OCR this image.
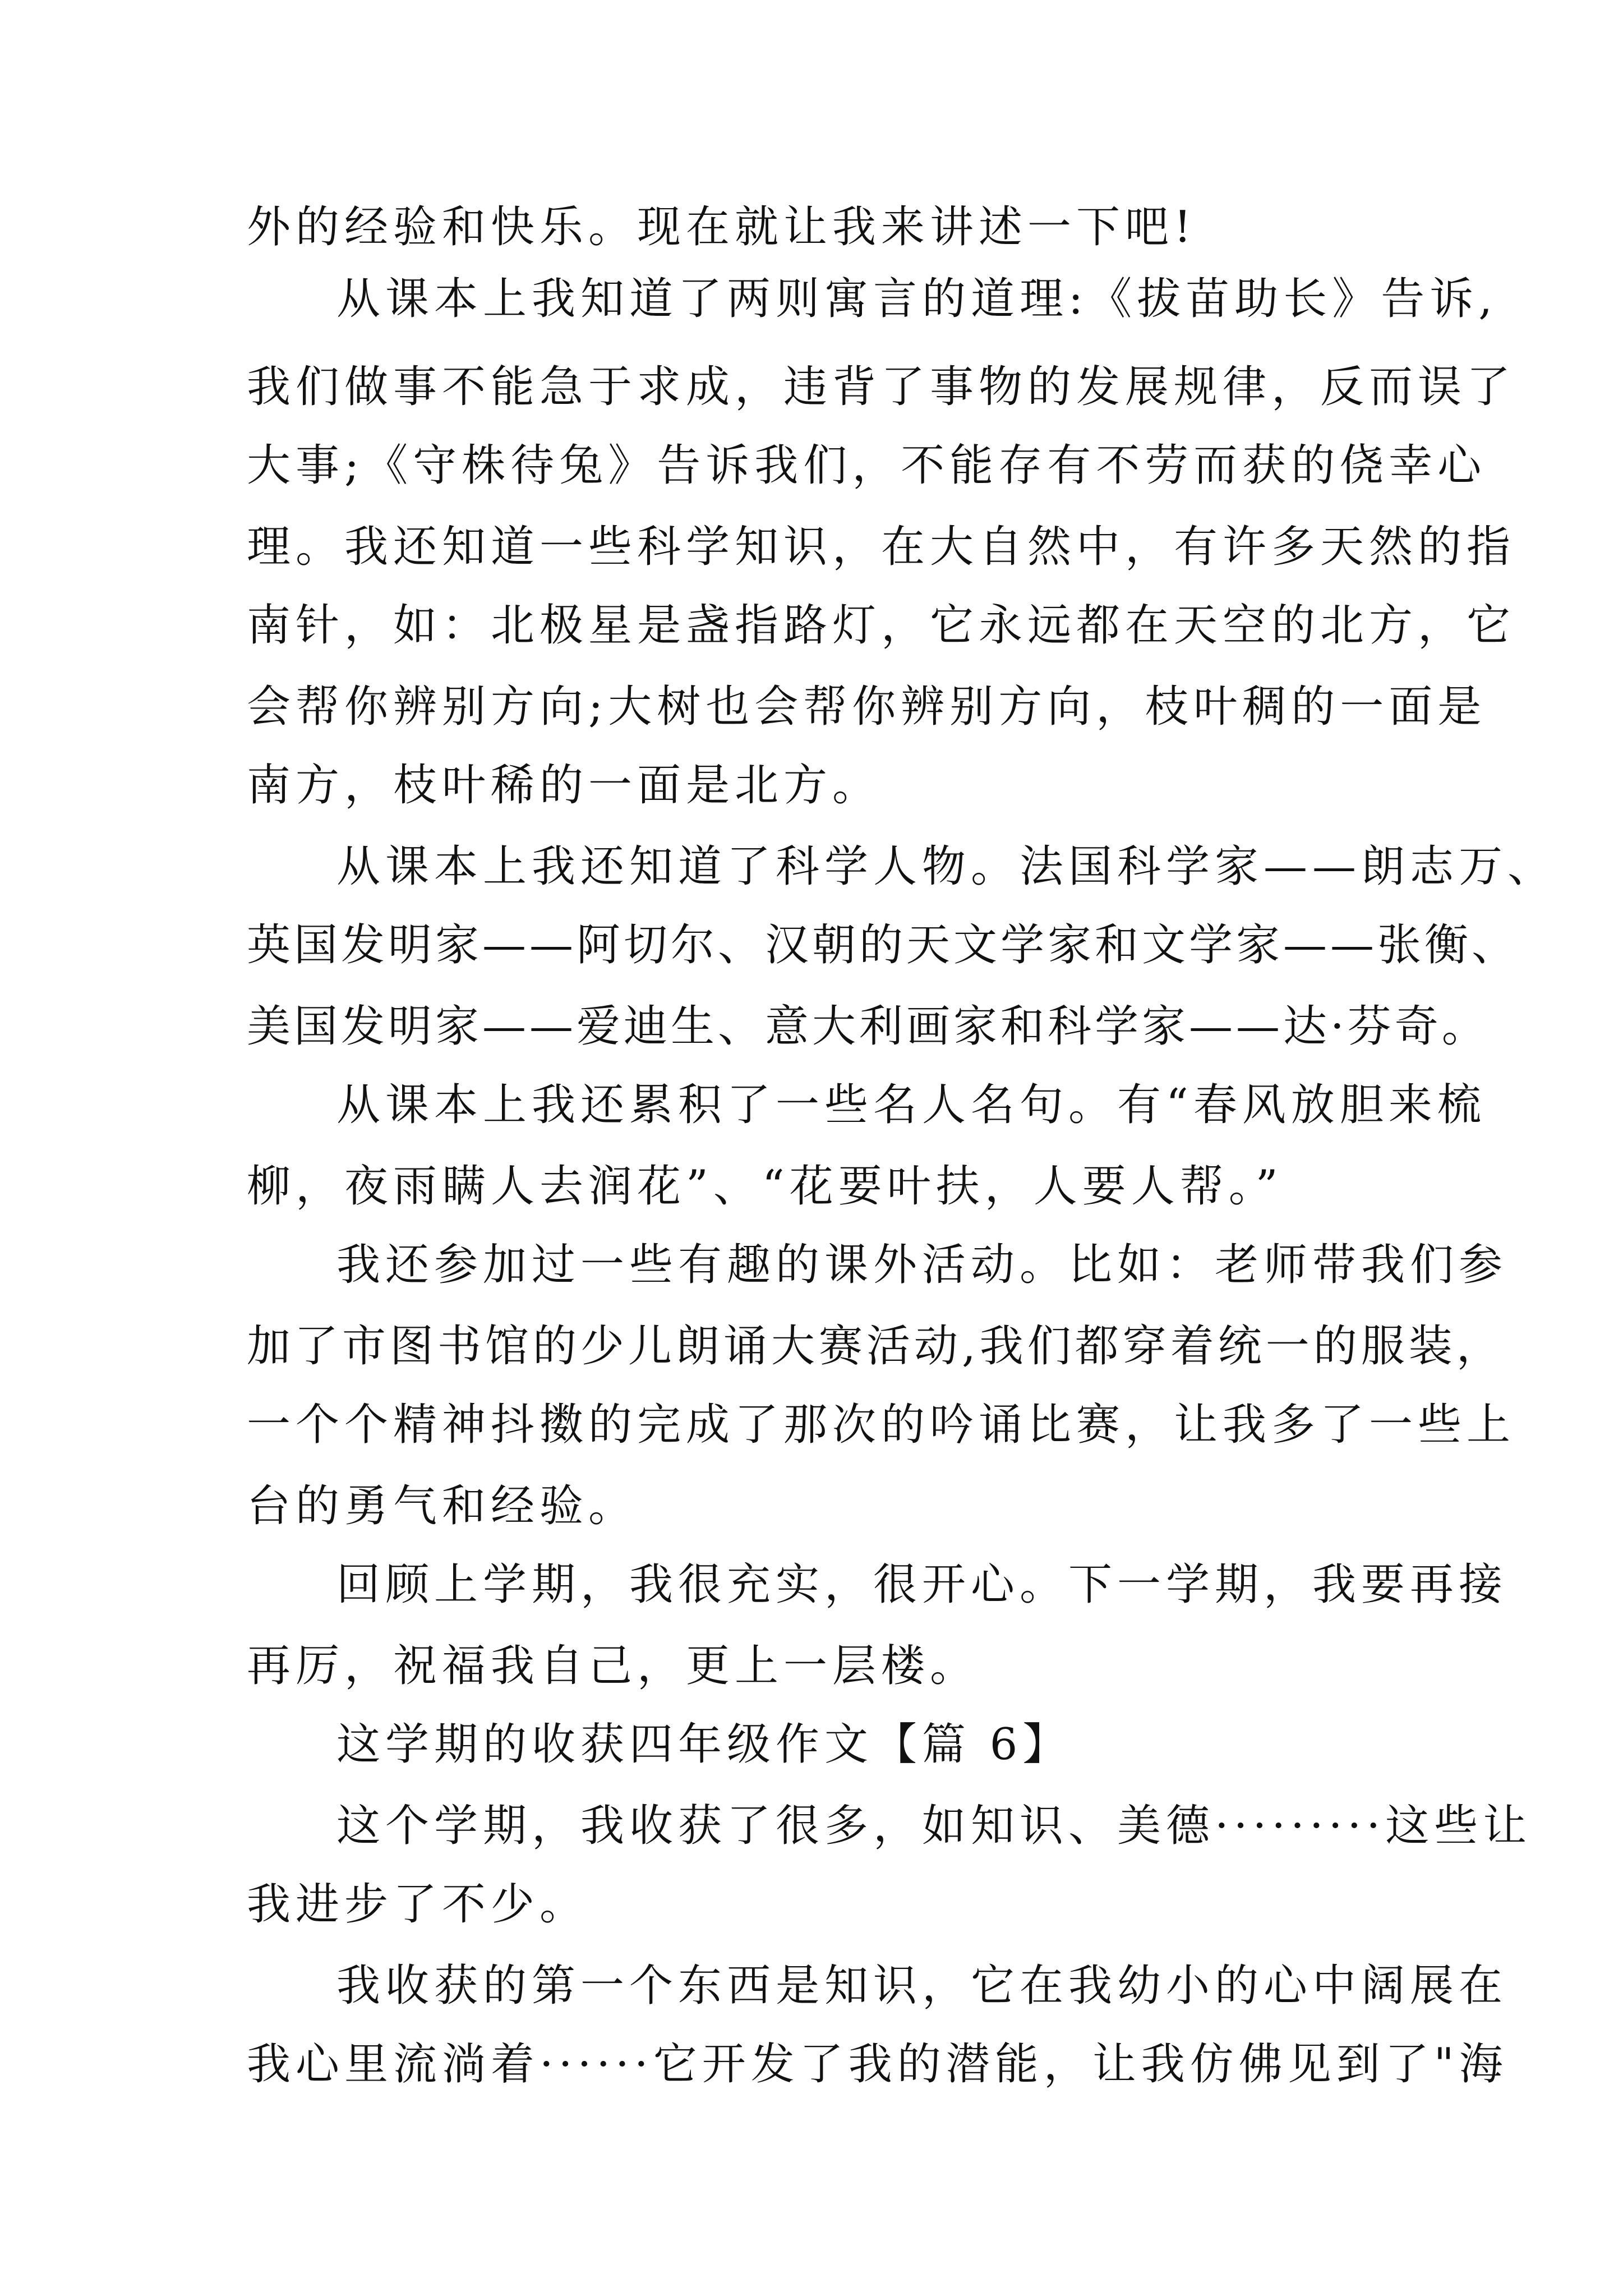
外的经验和快乐。现在就让我来讲述一下吧!
从课本上我知道了两则寓言的道理:《拔苗助长》告诉,
我们做事不能急于求成，违背了事物的发展规律，反而误了
大事;《守株待兔》告诉我们，不能存有不劳而获的侥幸心
理。我还知道一些科学知识，在大自然中，有许多天然的指
南针，如：北极星是盏指路灯，它永远都在天空的北方，它
会帮你辨别方向;大树也会帮你辨别方向，枝叶稠的一面是
南方，枝叶稀的一面是北方。
从课本上我还知道了科学人物。法国科学家——朗志万、
英国发明家——阿切尔、汉朝的天文学家和文学家——张衡、
美国发明家——爱迪生、意大利画家和科学家——达·芬奇。
从课本上我还累积了一些名人名句。有“春风放胆来梳
柳，夜雨瞒人去润花”、“花要叶扶，人要人帮。”
我还参加过一些有趣的课外活动。比如：老师带我们参
加了市图书馆的少儿朗诵大赛活动,我们都穿着统一的服装，
一个个精神抖擞的完成了那次的吟诵比赛，让我多了一些上
台的勇气和经验。
回顾上学期，我很充实，很开心。下一学期，我要再接
再厉，祝福我自己，更上一层楼。
这学期的收获四年级作文【篇 6】
这个学期，我收获了很多，如知识、美德·········这些让
我进步了不少。
我收获的第一个东西是知识，它在我幼小的心中阔展在
我心里流淌着······它开发了我的潜能，让我仿佛见到了"海
